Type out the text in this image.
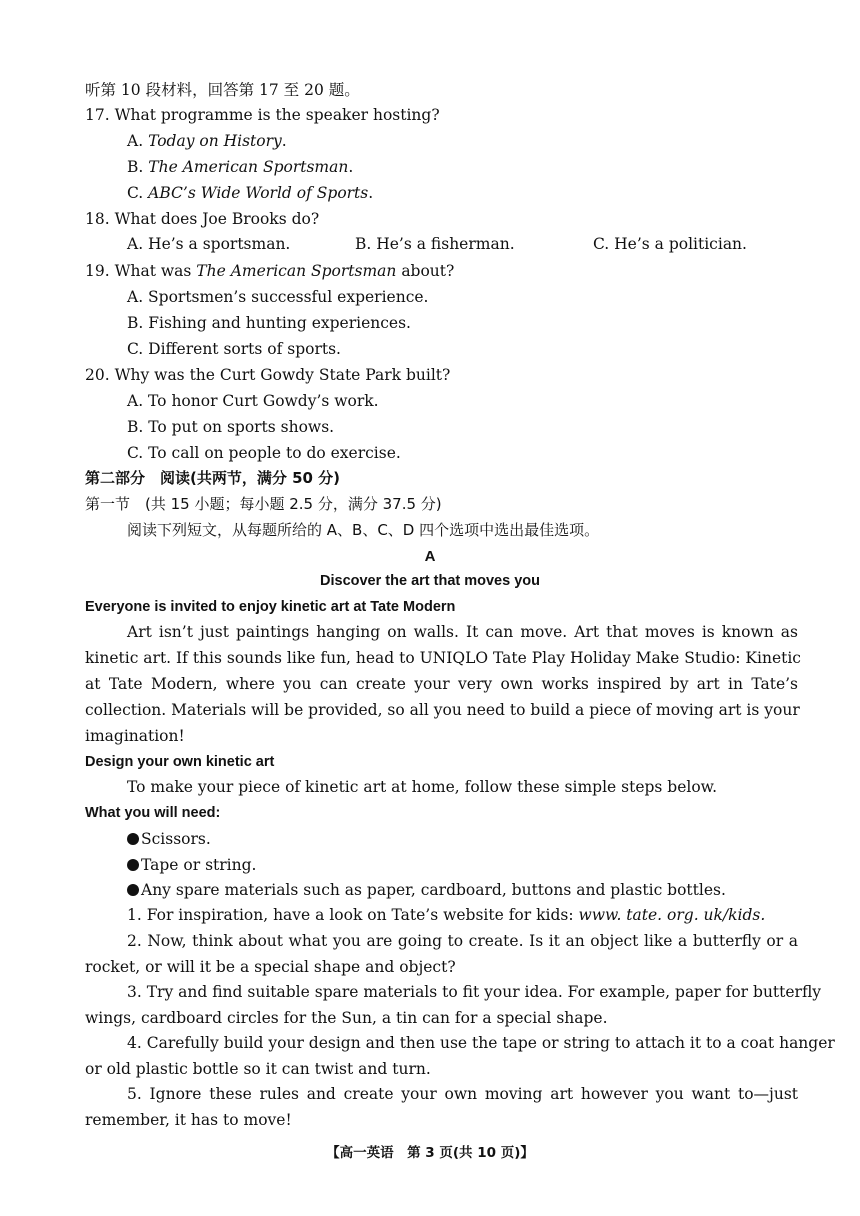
听第 10 段材料，回答第 17 至 20 题。
17. What programme is the speaker hosting?
A. Today on History.
B. The American Sportsman.
C. ABC’s Wide World of Sports.
18. What does Joe Brooks do?
A. He’s a sportsman.	B. He’s a fisherman.	C. He’s a politician.
19. What was The American Sportsman about?
A. Sportsmen’s successful experience.
B. Fishing and hunting experiences.
C. Different sorts of sports.
20. Why was the Curt Gowdy State Park built?
A. To honor Curt Gowdy’s work.
B. To put on sports shows.
C. To call on people to do exercise.
第二部分　阅读(共两节，满分 50 分)
第一节　(共 15 小题；每小题 2.5 分，满分 37.5 分)
阅读下列短文，从每题所给的 A、B、C、D 四个选项中选出最佳选项。
A
Discover the art that moves you
Everyone is invited to enjoy kinetic art at Tate Modern
Art isn’t just paintings hanging on walls. It can move. Art that moves is known as
kinetic art. If this sounds like fun, head to UNIQLO Tate Play Holiday Make Studio: Kinetic
at Tate Modern, where you can create your very own works inspired by art in Tate’s
collection. Materials will be provided, so all you need to build a piece of moving art is your
imagination!
Design your own kinetic art
To make your piece of kinetic art at home, follow these simple steps below.
What you will need:
Scissors.
Tape or string.
Any spare materials such as paper, cardboard, buttons and plastic bottles.
1. For inspiration, have a look on Tate’s website for kids: www. tate. org. uk/kids.
2. Now, think about what you are going to create. Is it an object like a butterfly or a
rocket, or will it be a special shape and object?
3. Try and find suitable spare materials to fit your idea. For example, paper for butterfly
wings, cardboard circles for the Sun, a tin can for a special shape.
4. Carefully build your design and then use the tape or string to attach it to a coat hanger
or old plastic bottle so it can twist and turn.
5. Ignore these rules and create your own moving art however you want to—just
remember, it has to move!
【高一英语　第 3 页(共 10 页)】
